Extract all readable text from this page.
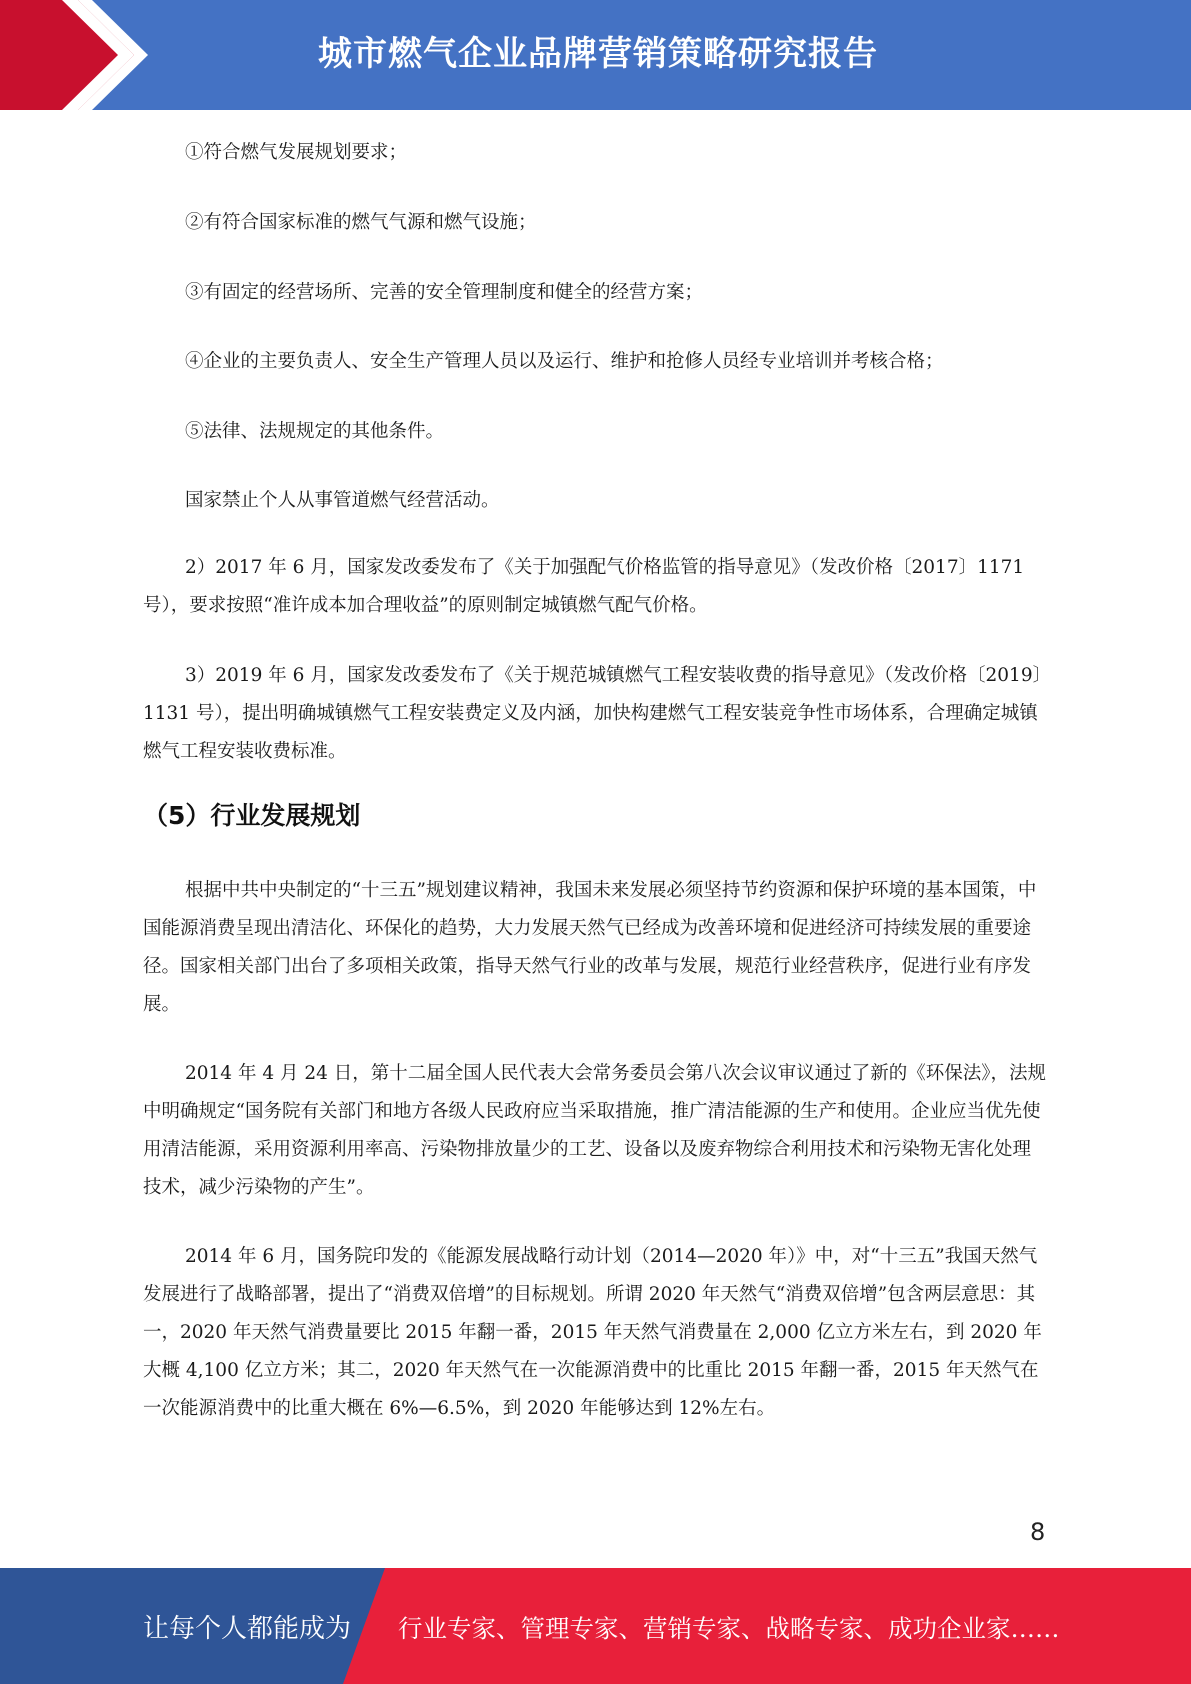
城市燃气企业品牌营销策略研究报告
①符合燃气发展规划要求；
②有符合国家标准的燃气气源和燃气设施；
③有固定的经营场所、完善的安全管理制度和健全的经营方案；
④企业的主要负责人、安全生产管理人员以及运行、维护和抢修人员经专业培训并考核合格；
⑤法律、法规规定的其他条件。
国家禁止个人从事管道燃气经营活动。
2）2017 年 6 月，国家发改委发布了《关于加强配气价格监管的指导意见》（发改价格〔2017〕1171 号），要求按照“准许成本加合理收益”的原则制定城镇燃气配气价格。
3）2019 年 6 月，国家发改委发布了《关于规范城镇燃气工程安装收费的指导意见》（发改价格〔2019〕1131 号），提出明确城镇燃气工程安装费定义及内涵，加快构建燃气工程安装竞争性市场体系，合理确定城镇燃气工程安装收费标准。
（5）行业发展规划
根据中共中央制定的“十三五”规划建议精神，我国未来发展必须坚持节约资源和保护环境的基本国策，中国能源消费呈现出清洁化、环保化的趋势，大力发展天然气已经成为改善环境和促进经济可持续发展的重要途径。国家相关部门出台了多项相关政策，指导天然气行业的改革与发展，规范行业经营秩序，促进行业有序发展。
2014 年 4 月 24 日，第十二届全国人民代表大会常务委员会第八次会议审议通过了新的《环保法》，法规中明确规定“国务院有关部门和地方各级人民政府应当采取措施，推广清洁能源的生产和使用。企业应当优先使用清洁能源，采用资源利用率高、污染物排放量少的工艺、设备以及废弃物综合利用技术和污染物无害化处理技术，减少污染物的产生”。
2014 年 6 月，国务院印发的《能源发展战略行动计划（2014—2020 年）》中，对“十三五”我国天然气发展进行了战略部署，提出了“消费双倍增”的目标规划。所谓 2020 年天然气“消费双倍增”包含两层意思：其一，2020 年天然气消费量要比 2015 年翻一番，2015 年天然气消费量在 2,000 亿立方米左右，到 2020 年大概 4,100 亿立方米；其二，2020 年天然气在一次能源消费中的比重比 2015 年翻一番，2015 年天然气在一次能源消费中的比重大概在 6%—6.5%，到 2020 年能够达到 12%左右。
8
让每个人都能成为 行业专家、管理专家、营销专家、战略专家、成功企业家……
